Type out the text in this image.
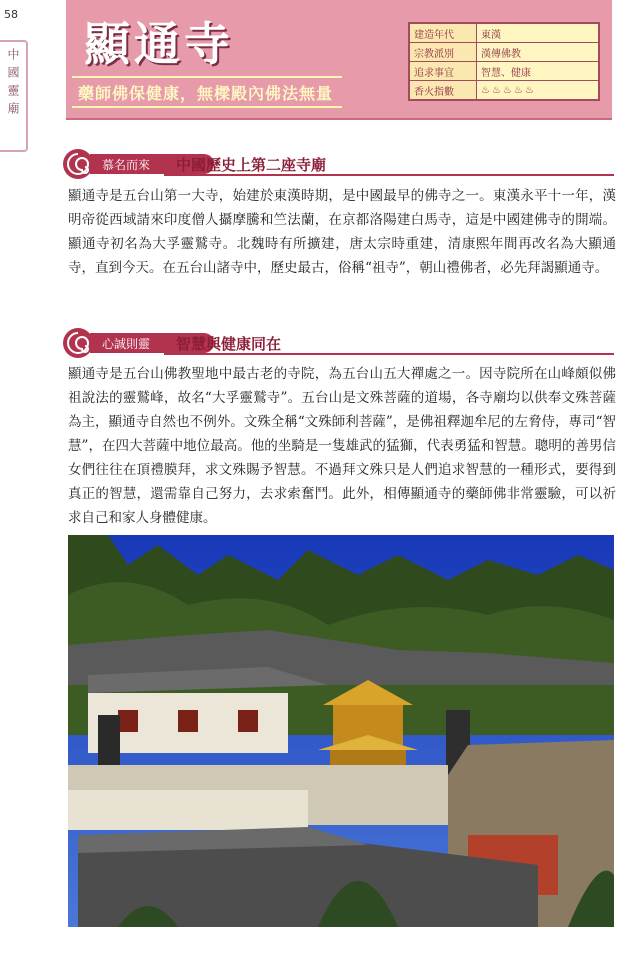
58
中國靈廟
顯通寺
藥師佛保健康，無樑殿內佛法無量
建造年代	東漢
宗教派別	漢傳佛教
追求事宜	智慧、健康
香火指數	♨♨♨♨♨
慕名而來 中國歷史上第二座寺廟
顯通寺是五台山第一大寺，始建於東漢時期，是中國最早的佛寺之一。東漢永平十一年，漢明帝從西域請來印度僧人攝摩騰和竺法蘭，在京都洛陽建白馬寺，這是中國建佛寺的開端。顯通寺初名為大孚靈鷲寺。北魏時有所擴建，唐太宗時重建，清康熙年間再改名為大顯通寺，直到今天。在五台山諸寺中，歷史最古，俗稱“祖寺”，朝山禮佛者，必先拜謁顯通寺。
心誠則靈 智慧與健康同在
顯通寺是五台山佛教聖地中最古老的寺院，為五台山五大禪處之一。因寺院所在山峰頗似佛祖說法的靈鷲峰，故名“大孚靈鷲寺”。五台山是文殊菩薩的道場，各寺廟均以供奉文殊菩薩為主，顯通寺自然也不例外。文殊全稱“文殊師利菩薩”，是佛祖釋迦牟尼的左脅侍，專司“智慧”，在四大菩薩中地位最高。他的坐騎是一隻雄武的猛獅，代表勇猛和智慧。聰明的善男信女們往往在頂禮膜拜，求文殊賜予智慧。不過拜文殊只是人們追求智慧的一種形式，要得到真正的智慧，還需靠自己努力，去求索奮鬥。此外，相傳顯通寺的藥師佛非常靈驗，可以祈求自己和家人身體健康。
